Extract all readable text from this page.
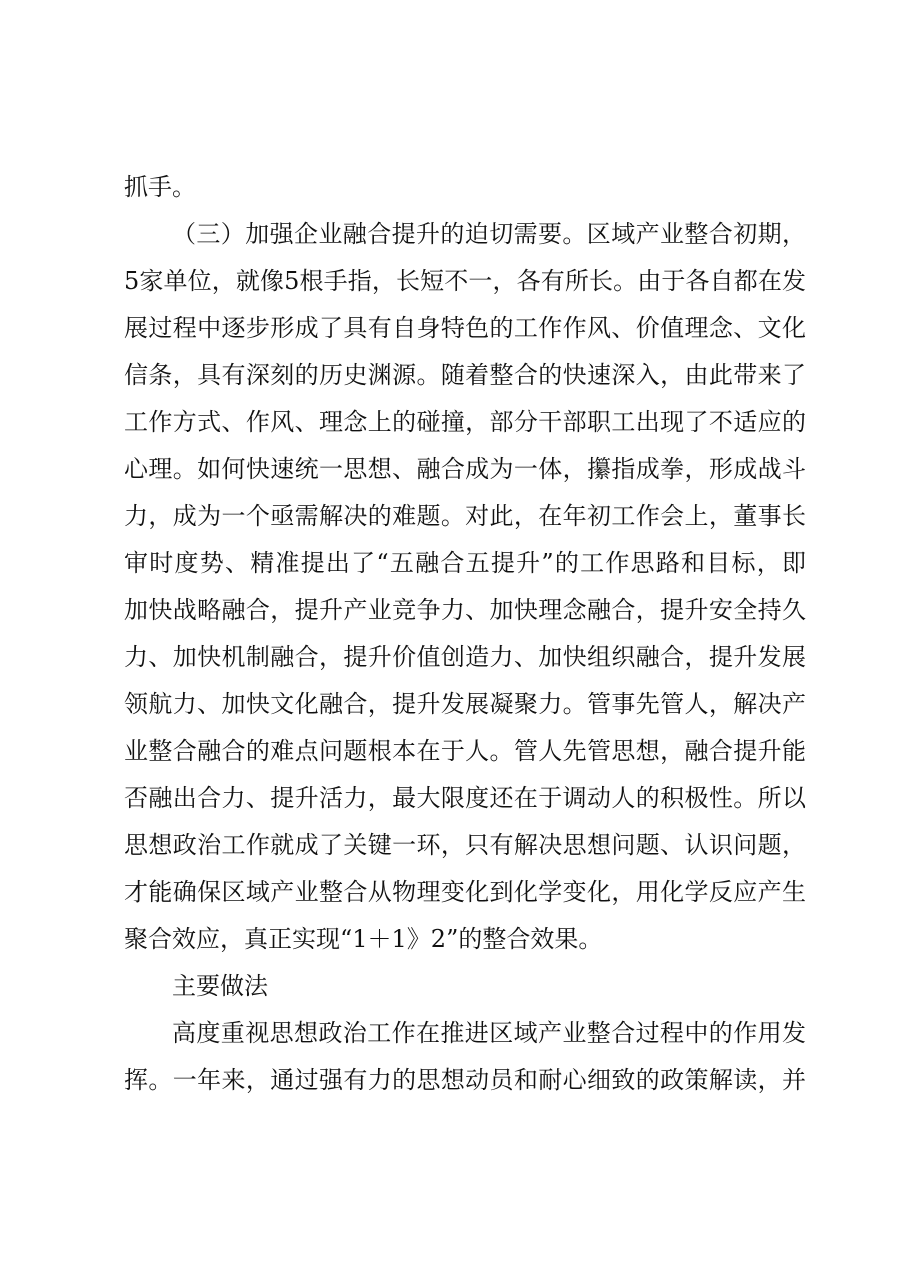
抓手。
（三）加强企业融合提升的迫切需要。区域产业整合初期，
5家单位，就像5根手指，长短不一，各有所长。由于各自都在发
展过程中逐步形成了具有自身特色的工作作风、价值理念、文化
信条，具有深刻的历史渊源。随着整合的快速深入，由此带来了
工作方式、作风、理念上的碰撞，部分干部职工出现了不适应的
心理。如何快速统一思想、融合成为一体，攥指成拳，形成战斗
力，成为一个亟需解决的难题。对此，在年初工作会上，董事长
审时度势、精准提出了“五融合五提升”的工作思路和目标，即
加快战略融合，提升产业竞争力、加快理念融合，提升安全持久
力、加快机制融合，提升价值创造力、加快组织融合，提升发展
领航力、加快文化融合，提升发展凝聚力。管事先管人，解决产
业整合融合的难点问题根本在于人。管人先管思想，融合提升能
否融出合力、提升活力，最大限度还在于调动人的积极性。所以
思想政治工作就成了关键一环，只有解决思想问题、认识问题，
才能确保区域产业整合从物理变化到化学变化，用化学反应产生
聚合效应，真正实现“1＋1》2”的整合效果。
主要做法
高度重视思想政治工作在推进区域产业整合过程中的作用发
挥。一年来，通过强有力的思想动员和耐心细致的政策解读，并
